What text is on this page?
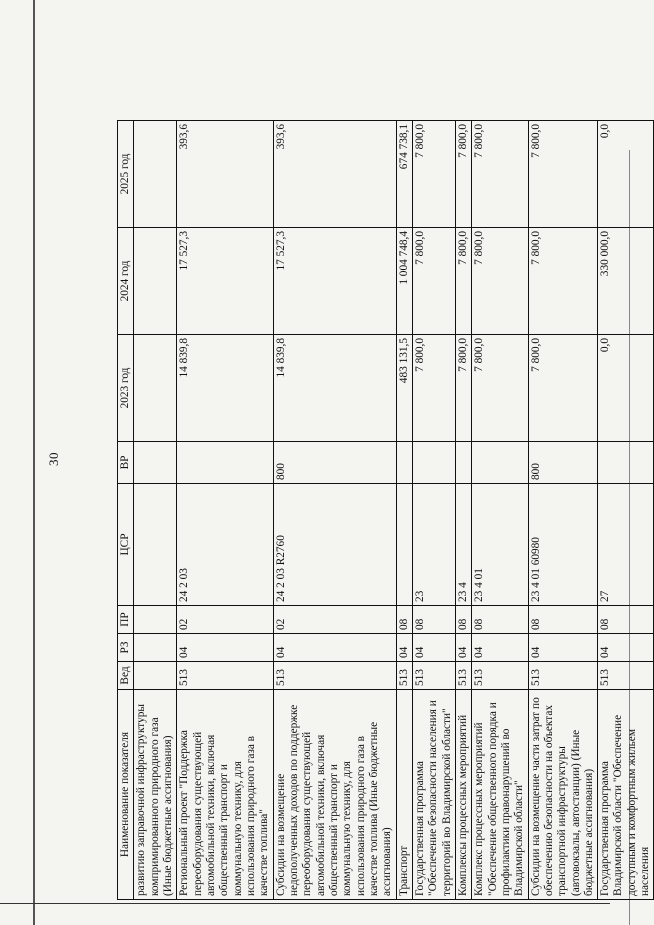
30
Наименование показателя	Вед	РЗ	ПР	ЦСР	ВР	2023 год	2024 год	2025 год
развитию заправочной инфраструктуры компримированного природного газа (Иные бюджетные ассигнования)								
Региональный проект "Поддержка переоборудования существующей автомобильной техники, включая общественный транспорт и коммунальную технику, для использования природного газа в качестве топлива"	513	04	02	24 2 03		14 839,8	17 527,3	393,6
Субсидии на возмещение недополученных доходов по поддержке переоборудования существующей автомобильной техники, включая общественный транспорт и коммунальную технику, для использования природного газа в качестве топлива (Иные бюджетные ассигнования)	513	04	02	24 2 03 R2760	800	14 839,8	17 527,3	393,6
Транспорт	513	04	08			483 131,5	1 004 748,4	674 738,1
Государственная программа "Обеспечение безопасности населения и территорий во Владимирской области"	513	04	08	23		7 800,0	7 800,0	7 800,0
Комплексы процессных мероприятий	513	04	08	23 4		7 800,0	7 800,0	7 800,0
Комплекс процессных мероприятий "Обеспечение общественного порядка и профилактики правонарушений во Владимирской области"	513	04	08	23 4 01		7 800,0	7 800,0	7 800,0
Субсидии на возмещение части затрат по обеспечению безопасности на объектах транспортной инфраструктуры (автовокзалы, автостанции) (Иные бюджетные ассигнования)	513	04	08	23 4 01 60980	800	7 800,0	7 800,0	7 800,0
Государственная программа Владимирской области "Обеспечение доступным и комфортным жильем населения	513	04	08	27		0,0	330 000,0	0,0
